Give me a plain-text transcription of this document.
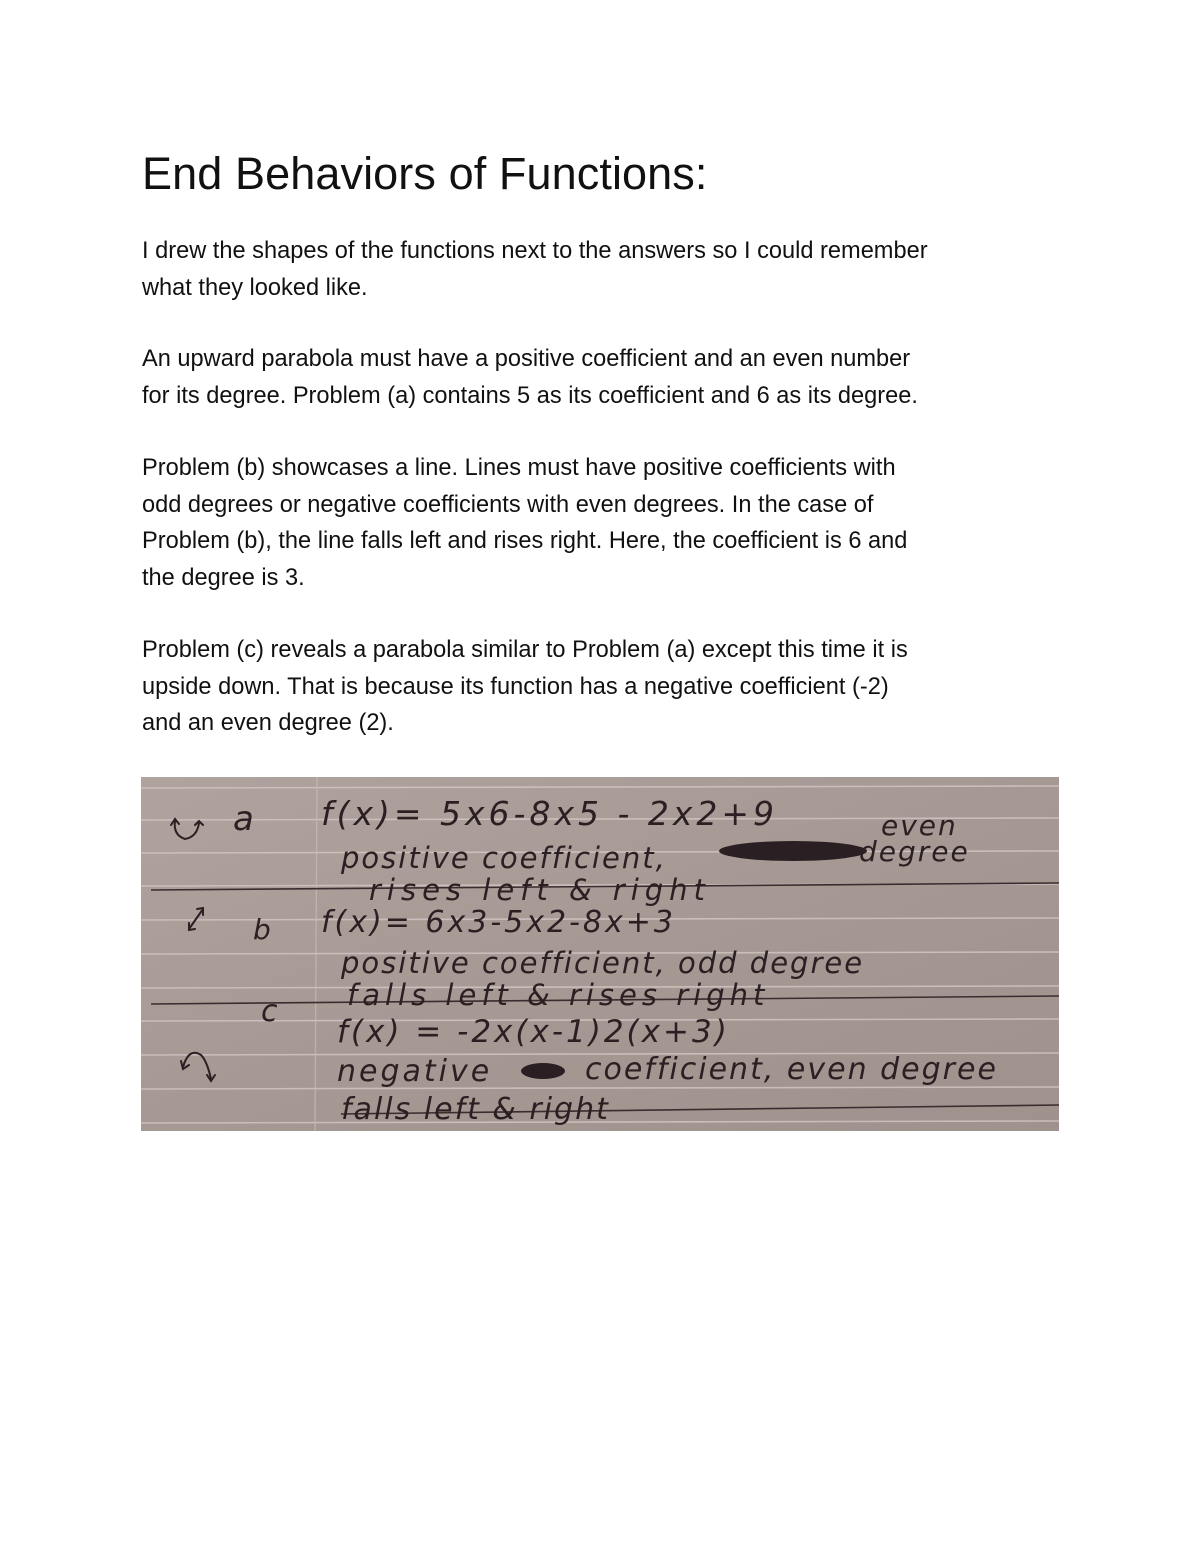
End Behaviors of Functions:

I drew the shapes of the functions next to the answers so I could remember
what they looked like.

An upward parabola must have a positive coefficient and an even number
for its degree. Problem (a) contains 5 as its coefficient and 6 as its degree.

Problem (b) showcases a line. Lines must have positive coefficients with
odd degrees or negative coefficients with even degrees. In the case of
Problem (b), the line falls left and rises right. Here, the coefficient is 6 and
the degree is 3.

Problem (c) reveals a parabola similar to Problem (a) except this time it is
upside down. That is because its function has a negative coefficient (-2)
and an even degree (2).

a
b
c
f(x)= 5x6-8x5 - 2x2+9
positive coefficient,
even
degree
rises left & right
f(x)= 6x3-5x2-8x+3
positive coefficient, odd degree
falls left & rises right
f(x) = -2x(x-1)2(x+3)
negative	coefficient, even degree
falls left & right
